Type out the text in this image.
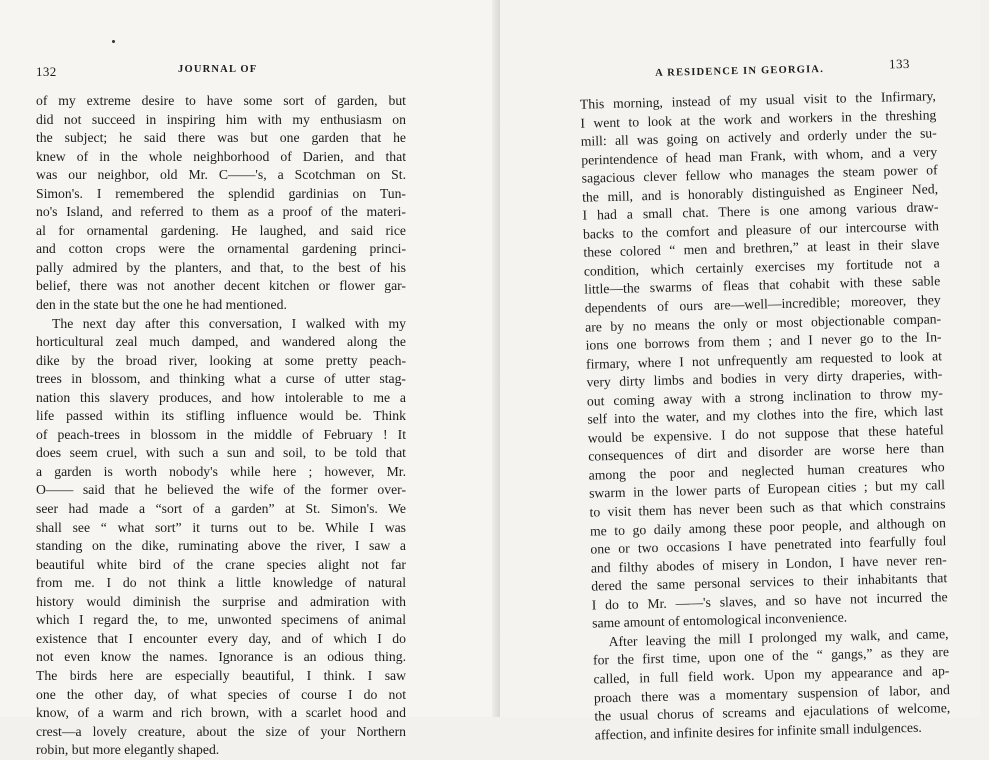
132	JOURNAL OF
of my extreme desire to have some sort of garden, but
did not succeed in inspiring him with my enthusiasm on
the subject; he said there was but one garden that he
knew of in the whole neighborhood of Darien, and that
was our neighbor, old Mr. C——'s, a Scotchman on St.
Simon's. I remembered the splendid gardinias on Tun-
no's Island, and referred to them as a proof of the materi-
al for ornamental gardening. He laughed, and said rice
and cotton crops were the ornamental gardening princi-
pally admired by the planters, and that, to the best of his
belief, there was not another decent kitchen or flower gar-
den in the state but the one he had mentioned.
The next day after this conversation, I walked with my
horticultural zeal much damped, and wandered along the
dike by the broad river, looking at some pretty peach-
trees in blossom, and thinking what a curse of utter stag-
nation this slavery produces, and how intolerable to me a
life passed within its stifling influence would be. Think
of peach-trees in blossom in the middle of February ! It
does seem cruel, with such a sun and soil, to be told that
a garden is worth nobody's while here ; however, Mr.
O—— said that he believed the wife of the former over-
seer had made a “sort of a garden” at St. Simon's. We
shall see “ what sort” it turns out to be. While I was
standing on the dike, ruminating above the river, I saw a
beautiful white bird of the crane species alight not far
from me. I do not think a little knowledge of natural
history would diminish the surprise and admiration with
which I regard the, to me, unwonted specimens of animal
existence that I encounter every day, and of which I do
not even know the names. Ignorance is an odious thing.
The birds here are especially beautiful, I think. I saw
one the other day, of what species of course I do not
know, of a warm and rich brown, with a scarlet hood and
crest—a lovely creature, about the size of your Northern
robin, but more elegantly shaped.
A RESIDENCE IN GEORGIA.
133
This morning, instead of my usual visit to the Infirmary,
I went to look at the work and workers in the threshing
mill: all was going on actively and orderly under the su-
perintendence of head man Frank, with whom, and a very
sagacious clever fellow who manages the steam power of
the mill, and is honorably distinguished as Engineer Ned,
I had a small chat. There is one among various draw-
backs to the comfort and pleasure of our intercourse with
these colored “ men and brethren,” at least in their slave
condition, which certainly exercises my fortitude not a
little—the swarms of fleas that cohabit with these sable
dependents of ours are—well—incredible; moreover, they
are by no means the only or most objectionable compan-
ions one borrows from them ; and I never go to the In-
firmary, where I not unfrequently am requested to look at
very dirty limbs and bodies in very dirty draperies, with-
out coming away with a strong inclination to throw my-
self into the water, and my clothes into the fire, which last
would be expensive. I do not suppose that these hateful
consequences of dirt and disorder are worse here than
among the poor and neglected human creatures who
swarm in the lower parts of European cities ; but my call
to visit them has never been such as that which constrains
me to go daily among these poor people, and although on
one or two occasions I have penetrated into fearfully foul
and filthy abodes of misery in London, I have never ren-
dered the same personal services to their inhabitants that
I do to Mr. ——'s slaves, and so have not incurred the
same amount of entomological inconvenience.
After leaving the mill I prolonged my walk, and came,
for the first time, upon one of the “ gangs,” as they are
called, in full field work. Upon my appearance and ap-
proach there was a momentary suspension of labor, and
the usual chorus of screams and ejaculations of welcome,
affection, and infinite desires for infinite small indulgences.
